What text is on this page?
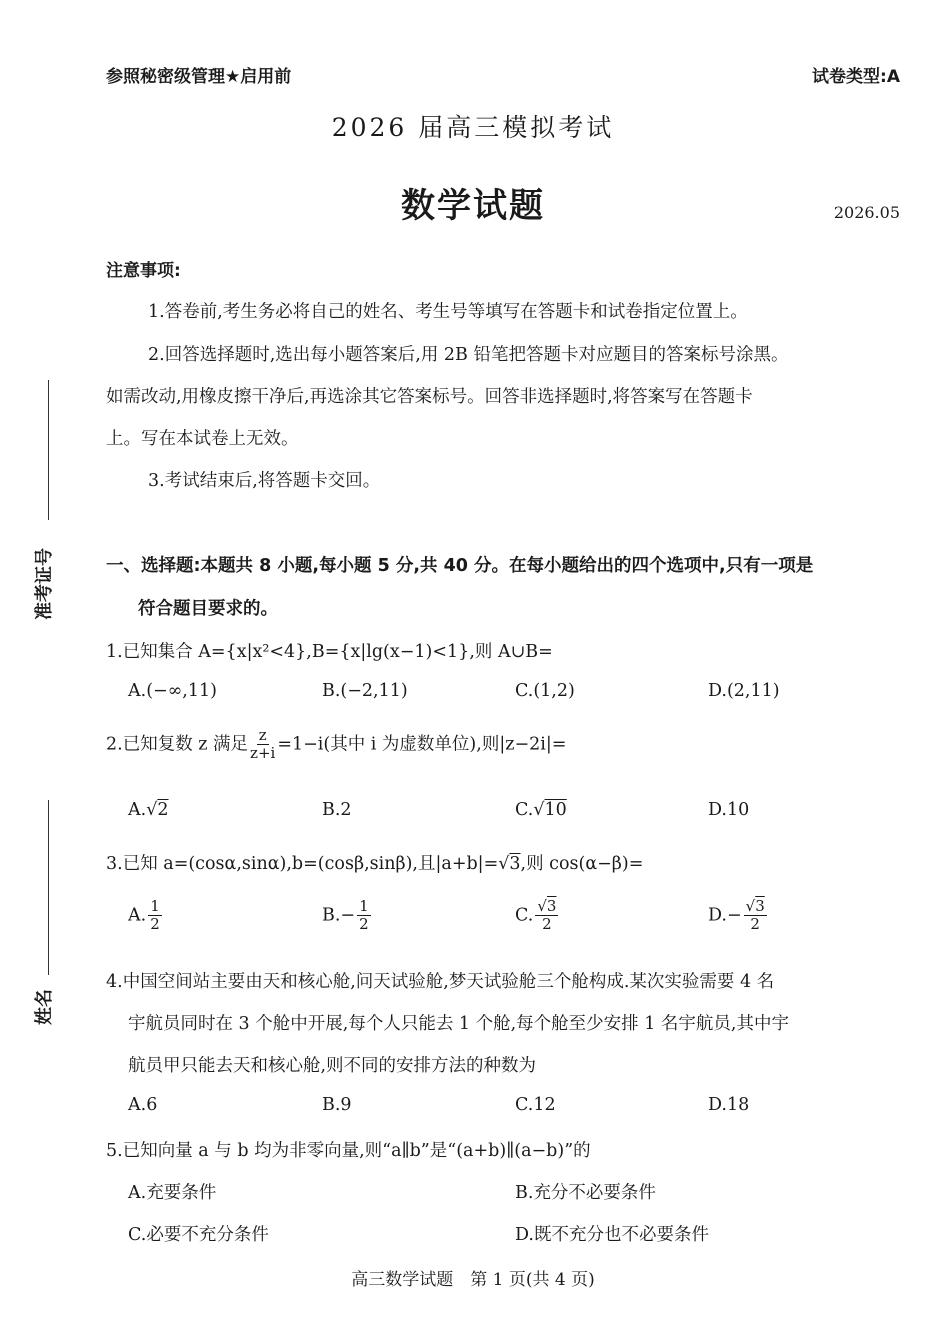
参照秘密级管理★启用前	试卷类型:A
2026 届高三模拟考试
数学试题	2026.05
注意事项:
1.答卷前,考生务必将自己的姓名、考生号等填写在答题卡和试卷指定位置上。
2.回答选择题时,选出每小题答案后,用 2B 铅笔把答题卡对应题目的答案标号涂黑。
如需改动,用橡皮擦干净后,再选涂其它答案标号。回答非选择题时,将答案写在答题卡
上。写在本试卷上无效。
3.考试结束后,将答题卡交回。
准考证号
姓名
一、选择题:本题共 8 小题,每小题 5 分,共 40 分。在每小题给出的四个选项中,只有一项是
符合题目要求的。
1.已知集合 A={x|x²<4},B={x|lg(x−1)<1},则 A∪B=
A.(−∞,11)	B.(−2,11)	C.(1,2)	D.(2,11)
2.已知复数 z 满足 $\frac{z}{z+i} =1-i$(其中 i 为虚数单位),则|z−2i|=
A.√2	B.2	C.√10	D.10
3.已知 a=(cosα,sinα),b=(cosβ,sinβ),且|a+b|=√3,则 cos(α−β)=
A. $\frac{1}{2}$	$B.- \frac{1}{2}$	C. $\frac{√3}{2}$	$D.- \frac{√3}{2}$
4.中国空间站主要由天和核心舱,问天试验舱,梦天试验舱三个舱构成.某次实验需要 4 名
宇航员同时在 3 个舱中开展,每个人只能去 1 个舱,每个舱至少安排 1 名宇航员,其中宇
航员甲只能去天和核心舱,则不同的安排方法的种数为
A.6	B.9	C.12	D.18
5.已知向量 a 与 b 均为非零向量,则“a∥b”是“(a+b)∥(a−b)”的
A.充要条件	B.充分不必要条件
C.必要不充分条件	D.既不充分也不必要条件
高三数学试题　第 1 页(共 4 页)
